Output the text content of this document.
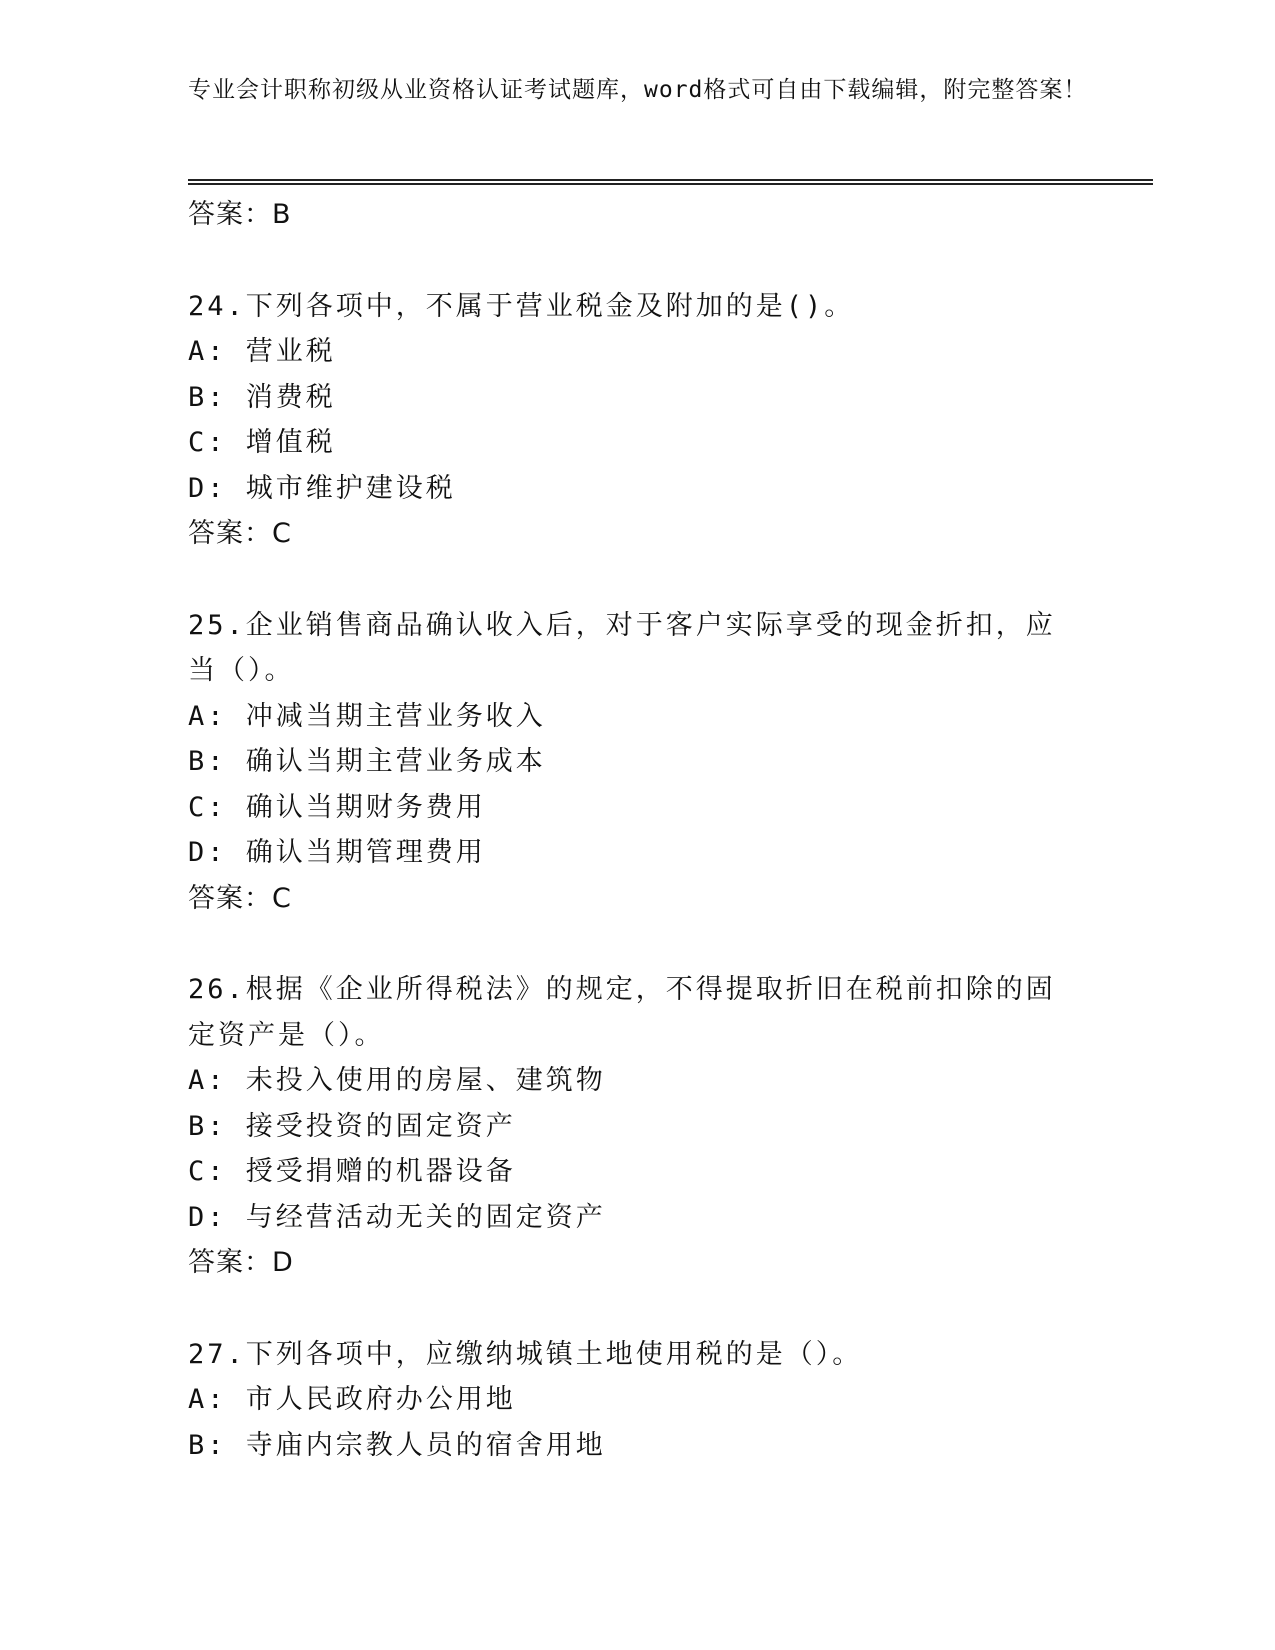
专业会计职称初级从业资格认证考试题库，word格式可自由下载编辑，附完整答案！
答案：B
24.下列各项中，不属于营业税金及附加的是()。
A: 营业税
B: 消费税
C: 增值税
D: 城市维护建设税
答案：C
25.企业销售商品确认收入后，对于客户实际享受的现金折扣，应当（）。
A: 冲减当期主营业务收入
B: 确认当期主营业务成本
C: 确认当期财务费用
D: 确认当期管理费用
答案：C
26.根据《企业所得税法》的规定，不得提取折旧在税前扣除的固定资产是（）。
A: 未投入使用的房屋、建筑物
B: 接受投资的固定资产
C: 授受捐赠的机器设备
D: 与经营活动无关的固定资产
答案：D
27.下列各项中，应缴纳城镇土地使用税的是（）。
A: 市人民政府办公用地
B: 寺庙内宗教人员的宿舍用地
